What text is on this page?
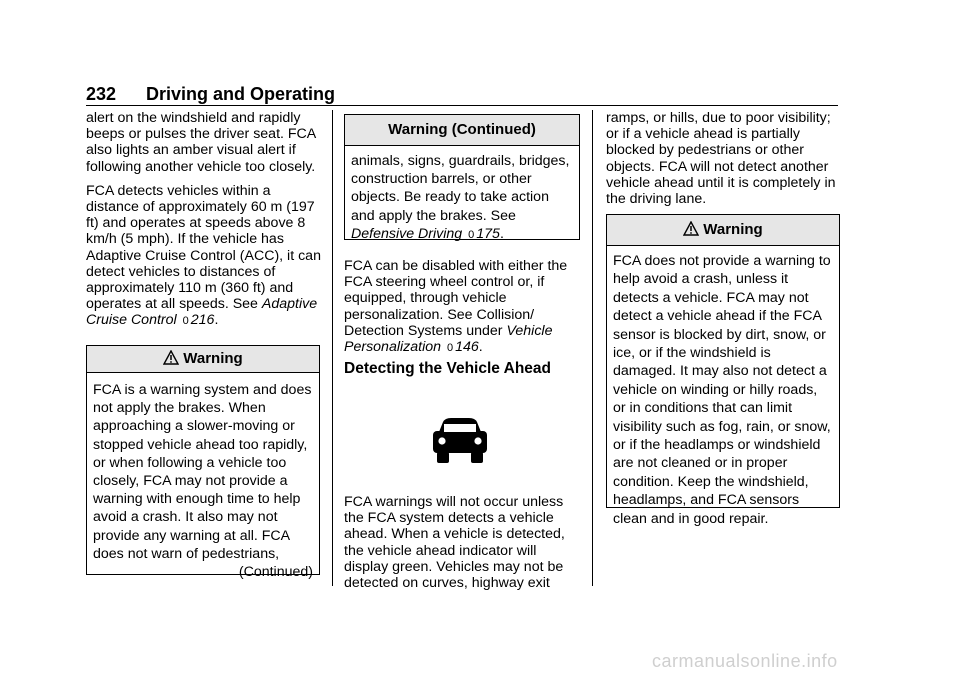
232 Driving and Operating

alert on the windshield and rapidly beeps or pulses the driver seat. FCA also lights an amber visual alert if following another vehicle too closely.

FCA detects vehicles within a distance of approximately 60 m (197 ft) and operates at speeds above 8 km/h (5 mph). If the vehicle has Adaptive Cruise Control (ACC), it can detect vehicles to distances of approximately 110 m (360 ft) and operates at all speeds. See Adaptive Cruise Control 0 216.

Warning
FCA is a warning system and does not apply the brakes. When approaching a slower-moving or stopped vehicle ahead too rapidly, or when following a vehicle too closely, FCA may not provide a warning with enough time to help avoid a crash. It also may not provide any warning at all. FCA does not warn of pedestrians,
(Continued)
Warning (Continued)
animals, signs, guardrails, bridges, construction barrels, or other objects. Be ready to take action and apply the brakes. See Defensive Driving 0 175.

FCA can be disabled with either the FCA steering wheel control or, if equipped, through vehicle personalization. See Collision/ Detection Systems under Vehicle Personalization 0 146.

Detecting the Vehicle Ahead

FCA warnings will not occur unless the FCA system detects a vehicle ahead. When a vehicle is detected, the vehicle ahead indicator will display green. Vehicles may not be detected on curves, highway exit

ramps, or hills, due to poor visibility; or if a vehicle ahead is partially blocked by pedestrians or other objects. FCA will not detect another vehicle ahead until it is completely in the driving lane.

Warning
FCA does not provide a warning to help avoid a crash, unless it detects a vehicle. FCA may not detect a vehicle ahead if the FCA sensor is blocked by dirt, snow, or ice, or if the windshield is damaged. It may also not detect a vehicle on winding or hilly roads, or in conditions that can limit visibility such as fog, rain, or snow, or if the headlamps or windshield are not cleaned or in proper condition. Keep the windshield, headlamps, and FCA sensors clean and in good repair.
carmanualsonline.info
